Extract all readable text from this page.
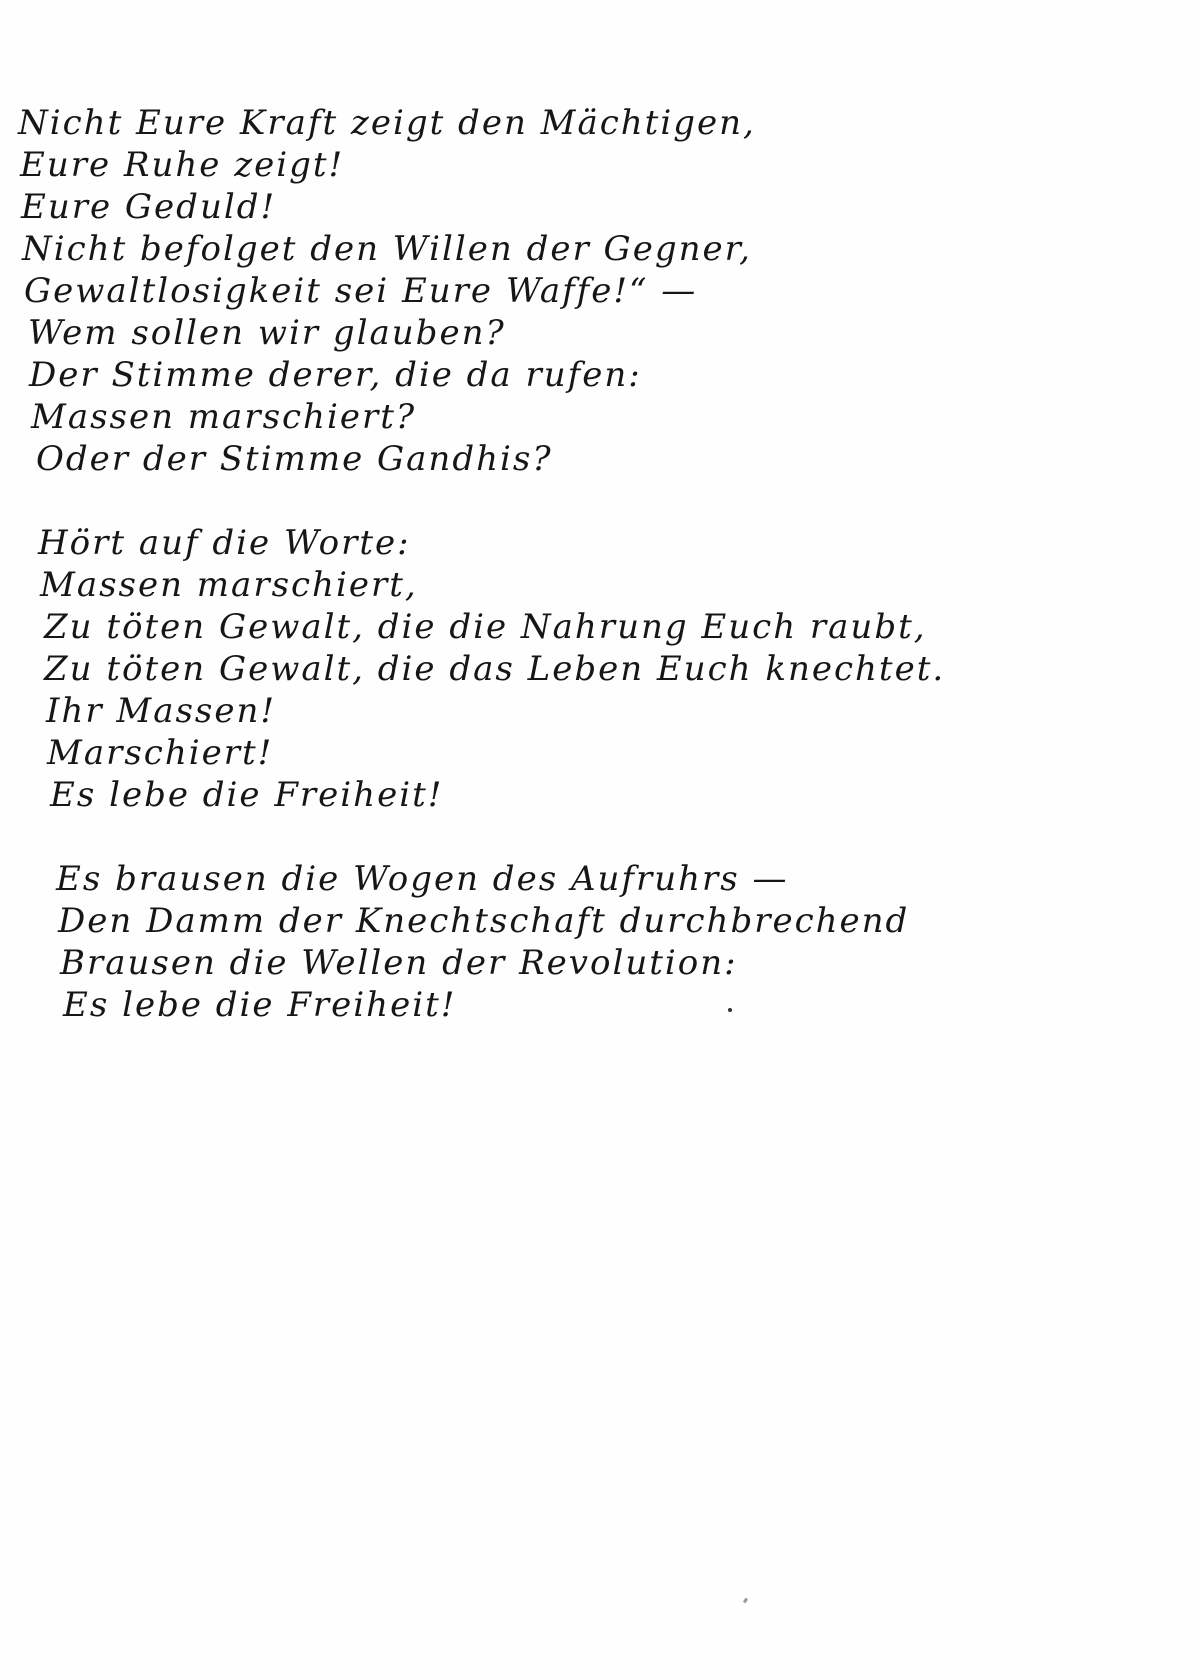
Nicht Eure Kraft zeigt den Mächtigen,
Eure Ruhe zeigt!
Eure Geduld!
Nicht befolget den Willen der Gegner,
Gewaltlosigkeit sei Eure Waffe!“ —
Wem sollen wir glauben?
Der Stimme derer, die da rufen:
Massen marschiert?
Oder der Stimme Gandhis?
Hört auf die Worte:
Massen marschiert,
Zu töten Gewalt, die die Nahrung Euch raubt,
Zu töten Gewalt, die das Leben Euch knechtet.
Ihr Massen!
Marschiert!
Es lebe die Freiheit!
Es brausen die Wogen des Aufruhrs —
Den Damm der Knechtschaft durchbrechend
Brausen die Wellen der Revolution:
Es lebe die Freiheit!
